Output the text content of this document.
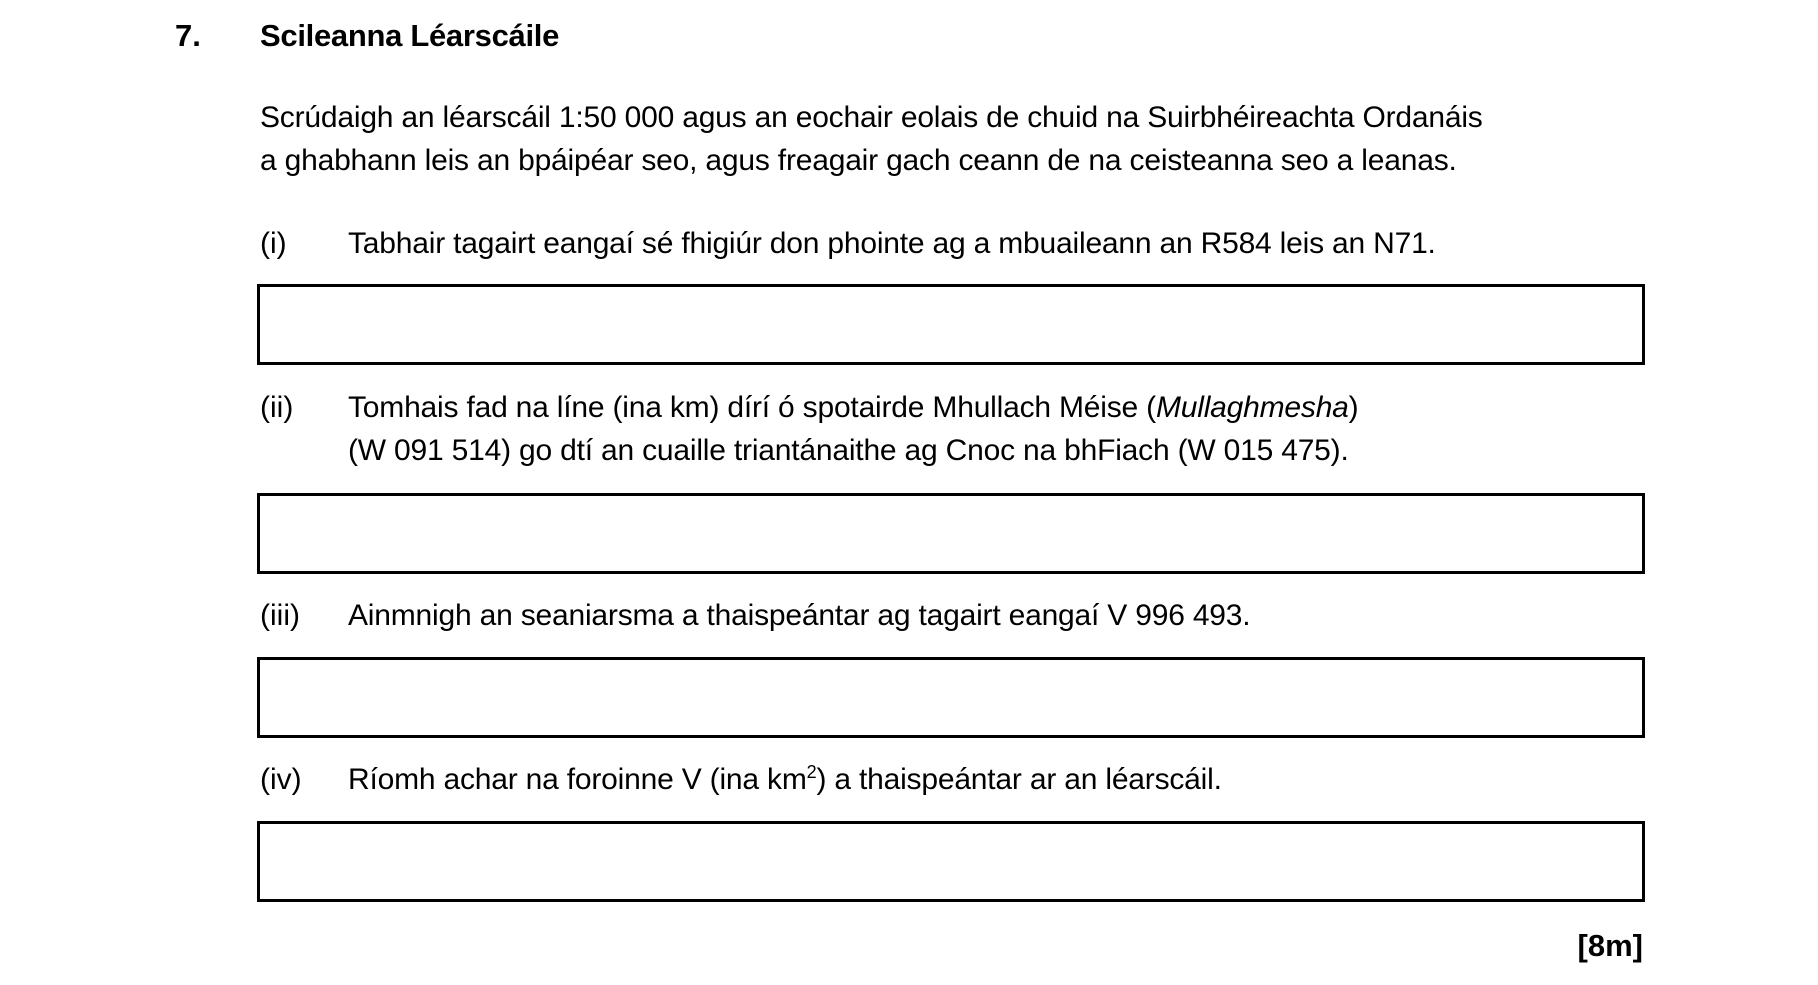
7. Scileanna Léarscáile
Scrúdaigh an léarscáil 1:50 000 agus an eochair eolais de chuid na Suirbhéireachta Ordanáis
a ghabhann leis an bpáipéar seo, agus freagair gach ceann de na ceisteanna seo a leanas.
(i) Tabhair tagairt eangaí sé fhigiúr don phointe ag a mbuaileann an R584 leis an N71.
(ii) Tomhais fad na líne (ina km) dírí ó spotairde Mhullach Méise (Mullaghmesha)
(W 091 514) go dtí an cuaille triantánaithe ag Cnoc na bhFiach (W 015 475).
(iii) Ainmnigh an seaniarsma a thaispeántar ag tagairt eangaí V 996 493.
(iv) Ríomh achar na foroinne V (ina $km^2$) a thaispeántar ar an léarscáil.
[8m]
